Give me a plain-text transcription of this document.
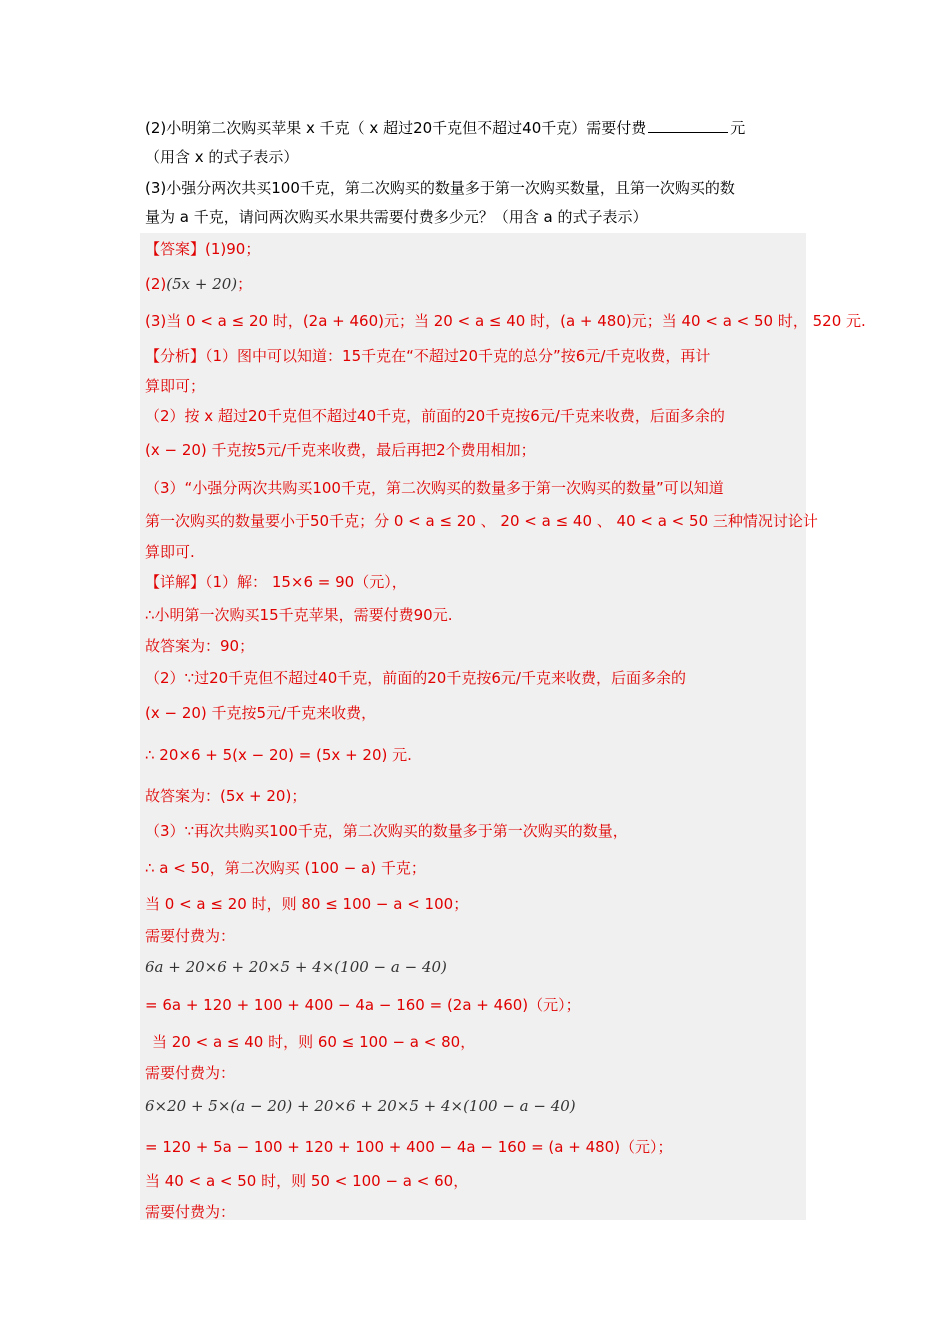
(2)小明第二次购买苹果 x 千克（ x 超过20千克但不超过40千克）需要付费	元
（用含 x 的式子表示）
(3)小强分两次共买100千克，第二次购买的数量多于第一次购买数量，且第一次购买的数
量为 a 千克，请问两次购买水果共需要付费多少元？（用含 a 的式子表示）
【答案】(1)90；
(2)(5x + 20)；
(3)当 0 < a ≤ 20 时，(2a + 460)元；当 20 < a ≤ 40 时，(a + 480)元；当 40 < a < 50 时， 520 元.
【分析】（1）图中可以知道：15千克在“不超过20千克的总分”按6元/千克收费，再计
算即可；
（2）按 x 超过20千克但不超过40千克，前面的20千克按6元/千克来收费，后面多余的
(x − 20) 千克按5元/千克来收费，最后再把2个费用相加；
（3）“小强分两次共购买100千克，第二次购买的数量多于第一次购买的数量”可以知道
第一次购买的数量要小于50千克；分 0 < a ≤ 20 、 20 < a ≤ 40 、 40 < a < 50 三种情况讨论计
算即可.
【详解】（1）解： 15×6 = 90（元），
∴小明第一次购买15千克苹果，需要付费90元.
故答案为：90；
（2）∵过20千克但不超过40千克，前面的20千克按6元/千克来收费，后面多余的
(x − 20) 千克按5元/千克来收费，
∴ 20×6 + 5(x − 20) = (5x + 20) 元.
故答案为：(5x + 20)；
（3）∵再次共购买100千克，第二次购买的数量多于第一次购买的数量，
∴ a < 50，第二次购买 (100 − a) 千克；
当 0 < a ≤ 20 时，则 80 ≤ 100 − a < 100；
需要付费为：
6a + 20×6 + 20×5 + 4×(100 − a − 40)
= 6a + 120 + 100 + 400 − 4a − 160 = (2a + 460)（元）；
当 20 < a ≤ 40 时，则 60 ≤ 100 − a < 80，
需要付费为：
6×20 + 5×(a − 20) + 20×6 + 20×5 + 4×(100 − a − 40)
= 120 + 5a − 100 + 120 + 100 + 400 − 4a − 160 = (a + 480)（元）；
当 40 < a < 50 时，则 50 < 100 − a < 60，
需要付费为：
